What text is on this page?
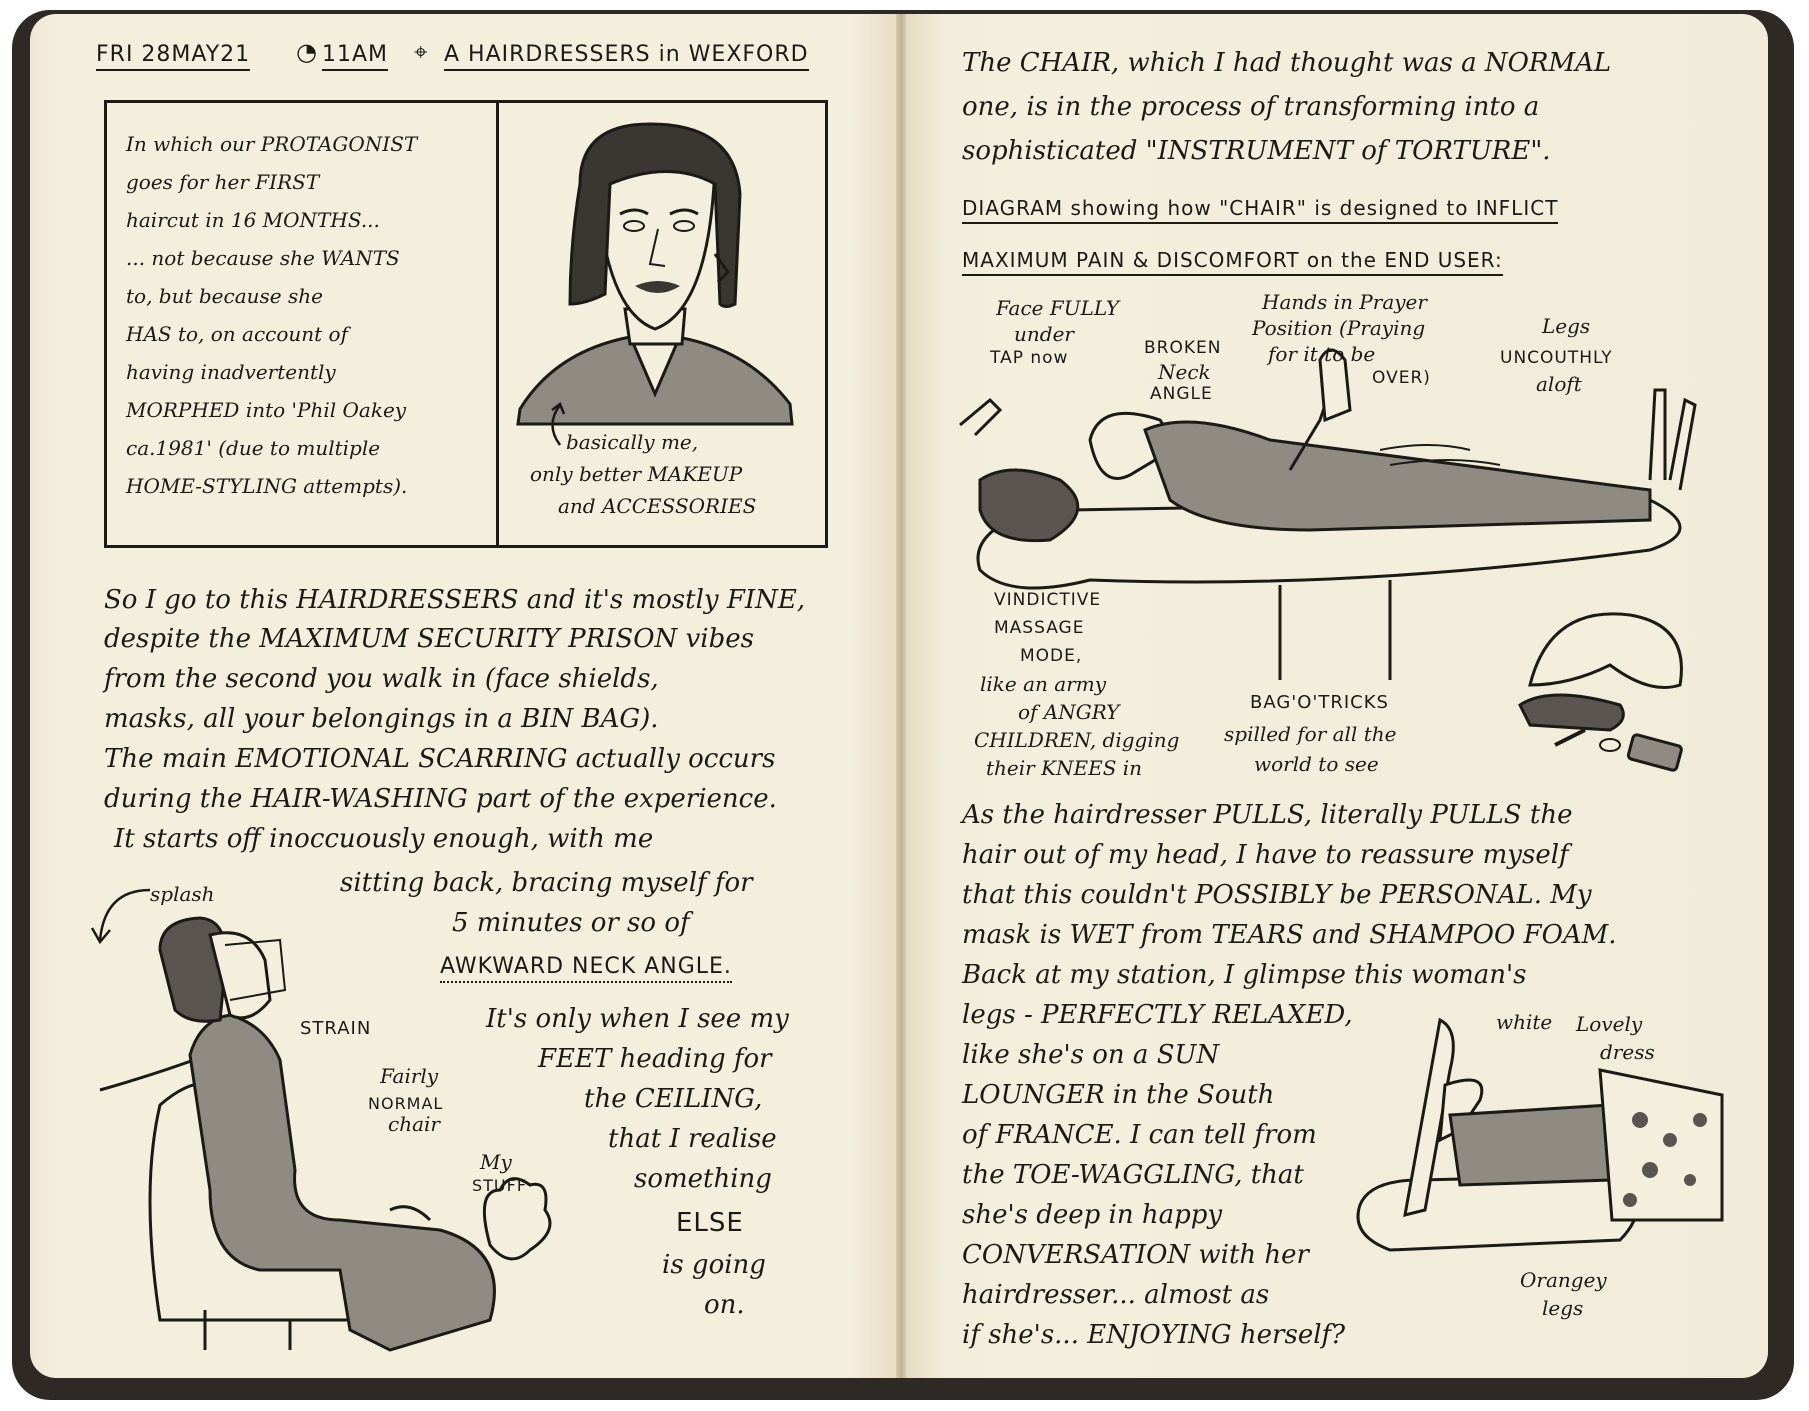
FRI 28MAY21 ◔ 11AM ⌖ A HAIRDRESSERS in WEXFORD
In which our PROTAGONIST
goes for her FIRST
haircut in 16 MONTHS...
... not because she WANTS
to, but because she
HAS to, on account of
having inadvertently
MORPHED into 'Phil Oakey
ca.1981' (due to multiple
HOME-STYLING attempts).
basically me,
only better MAKEUP
and ACCESSORIES
So I go to this HAIRDRESSERS and it's mostly FINE,
despite the MAXIMUM SECURITY PRISON vibes
from the second you walk in (face shields,
masks, all your belongings in a BIN BAG).
The main EMOTIONAL SCARRING actually occurs
during the HAIR-WASHING part of the experience.
It starts off inoccuously enough, with me
sitting back, bracing myself for
5 minutes or so of
AWKWARD NECK ANGLE.
It's only when I see my
FEET heading for
the CEILING,
that I realise
something
ELSE
is going
on.
splash
STRAIN
Fairly
NORMAL
chair
My
STUFF
The CHAIR, which I had thought was a NORMAL
one, is in the process of transforming into a
sophisticated "INSTRUMENT of TORTURE".
DIAGRAM showing how "CHAIR" is designed to INFLICT
MAXIMUM PAIN & DISCOMFORT on the END USER:
Face FULLY
under
TAP now	BROKEN
Neck
ANGLE
Hands in Prayer
Position (Praying
for it to be
OVER)
Legs
UNCOUTHLY
aloft
VINDICTIVE
MASSAGE
MODE,
like an army
of ANGRY
CHILDREN, digging
their KNEES in
BAG'O'TRICKS
spilled for all the
world to see
As the hairdresser PULLS, literally PULLS the
hair out of my head, I have to reassure myself
that this couldn't POSSIBLY be PERSONAL. My
mask is WET from TEARS and SHAMPOO FOAM.
Back at my station, I glimpse this woman's
legs - PERFECTLY RELAXED,
like she's on a SUN
LOUNGER in the South
of FRANCE. I can tell from
the TOE-WAGGLING, that
she's deep in happy
CONVERSATION with her
hairdresser... almost as
if she's... ENJOYING herself?
white Lovely
dress
Orangey
legs
